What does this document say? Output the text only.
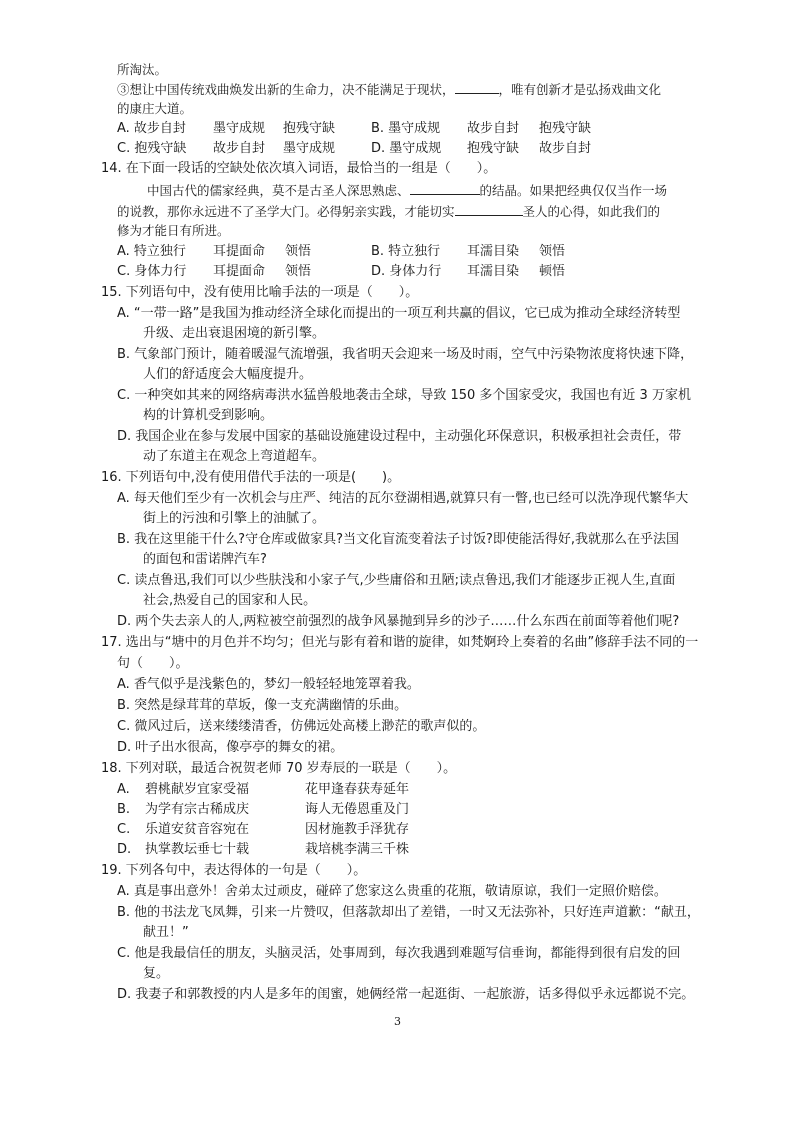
所淘汰。
③想让中国传统戏曲焕发出新的生命力，决不能满足于现状，	，唯有创新才是弘扬戏曲文化
的康庄大道。
A. 故步自封 墨守成规 抱残守缺	B. 墨守成规 故步自封 抱残守缺
C. 抱残守缺 故步自封 墨守成规	D. 墨守成规 抱残守缺 故步自封
14. 在下面一段话的空缺处依次填入词语，最恰当的一组是（　　）。
中国古代的儒家经典，莫不是古圣人深思熟虑、	的结晶。如果把经典仅仅当作一场
的说教，那你永远进不了圣学大门。必得躬亲实践，才能切实	圣人的心得，如此我们的
修为才能日有所进。
A. 特立独行 耳提面命 领悟	B. 特立独行 耳濡目染 领悟
C. 身体力行 耳提面命 领悟	D. 身体力行 耳濡目染 顿悟
15. 下列语句中，没有使用比喻手法的一项是（　　）。
A. “一带一路”是我国为推动经济全球化而提出的一项互利共赢的倡议，它已成为推动全球经济转型
升级、走出衰退困境的新引擎。
B. 气象部门预计，随着暖湿气流增强，我省明天会迎来一场及时雨，空气中污染物浓度将快速下降，
人们的舒适度会大幅度提升。
C. 一种突如其来的网络病毒洪水猛兽般地袭击全球，导致 150 多个国家受灾，我国也有近 3 万家机
构的计算机受到影响。
D. 我国企业在参与发展中国家的基础设施建设过程中，主动强化环保意识，积极承担社会责任，带
动了东道主在观念上弯道超车。
16. 下列语句中,没有使用借代手法的一项是(　　)。
A. 每天他们至少有一次机会与庄严、纯洁的瓦尔登湖相遇,就算只有一瞥,也已经可以洗净现代繁华大
街上的污浊和引擎上的油腻了。
B. 我在这里能干什么?守仓库或做家具?当文化盲流变着法子讨饭?即使能活得好,我就那么在乎法国
的面包和雷诺牌汽车?
C. 读点鲁迅,我们可以少些肤浅和小家子气,少些庸俗和丑陋;读点鲁迅,我们才能逐步正视人生,直面
社会,热爱自己的国家和人民。
D. 两个失去亲人的人,两粒被空前强烈的战争风暴抛到异乡的沙子……什么东西在前面等着他们呢?
17. 选出与“塘中的月色并不均匀；但光与影有着和谐的旋律，如梵婀玲上奏着的名曲”修辞手法不同的一
句（　　）。
A. 香气似乎是浅紫色的，梦幻一般轻轻地笼罩着我。
B. 突然是绿茸茸的草坂，像一支充满幽情的乐曲。
C. 微风过后，送来缕缕清香，仿佛远处高楼上渺茫的歌声似的。
D. 叶子出水很高，像亭亭的舞女的裙。
18. 下列对联，最适合祝贺老师 70 岁寿辰的一联是（　　）。
A. 碧桃献岁宜家受福	花甲逢春获寿延年
B. 为学有宗古稀成庆	诲人无倦恩重及门
C. 乐道安贫音容宛在	因材施教手泽犹存
D. 执掌教坛垂七十载	栽培桃李满三千株
19. 下列各句中，表达得体的一句是（　　）。
A. 真是事出意外！舍弟太过顽皮，碰碎了您家这么贵重的花瓶，敬请原谅，我们一定照价赔偿。
B. 他的书法龙飞凤舞，引来一片赞叹，但落款却出了差错，一时又无法弥补，只好连声道歉：“献丑，
献丑！”
C. 他是我最信任的朋友，头脑灵活，处事周到，每次我遇到难题写信垂询，都能得到很有启发的回
复。
D. 我妻子和郭教授的内人是多年的闺蜜，她俩经常一起逛街、一起旅游，话多得似乎永远都说不完。
3
